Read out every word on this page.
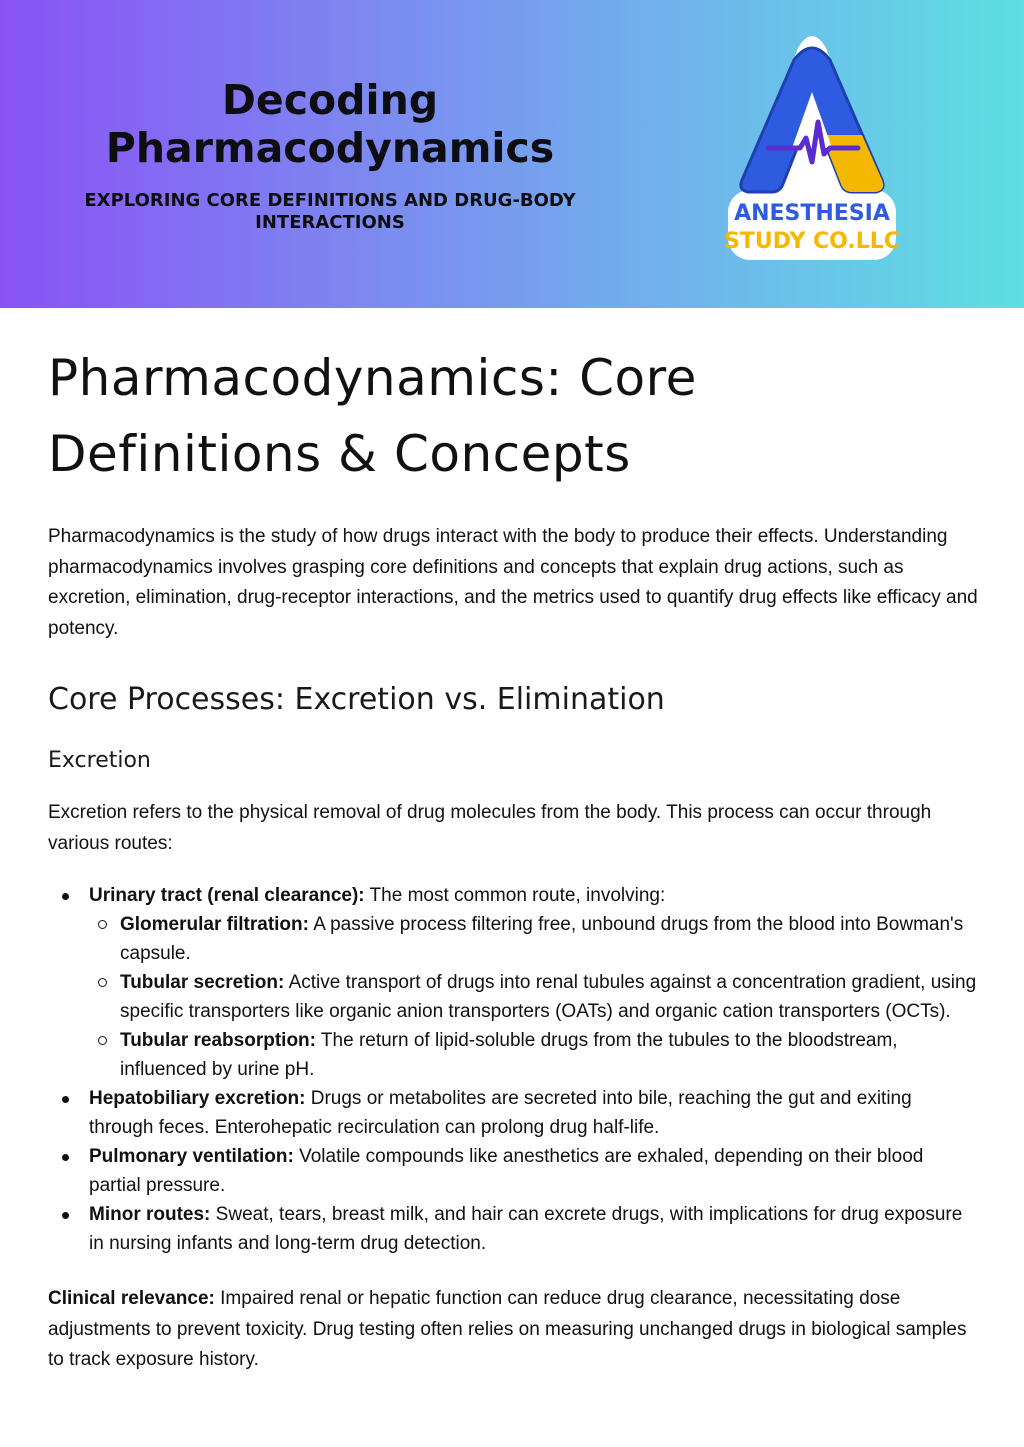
Decoding Pharmacodynamics

EXPLORING CORE DEFINITIONS AND DRUG-BODY INTERACTIONS	ANESTHESIA
STUDY CO.LLC
Pharmacodynamics: Core Definitions & Concepts

Pharmacodynamics is the study of how drugs interact with the body to produce their effects. Understanding pharmacodynamics involves grasping core definitions and concepts that explain drug actions, such as excretion, elimination, drug-receptor interactions, and the metrics used to quantify drug effects like efficacy and potency.

Core Processes: Excretion vs. Elimination
Excretion

Excretion refers to the physical removal of drug molecules from the body. This process can occur through various routes:

Urinary tract (renal clearance): The most common route, involving:
Glomerular filtration: A passive process filtering free, unbound drugs from the blood into Bowman's capsule.
Tubular secretion: Active transport of drugs into renal tubules against a concentration gradient, using specific transporters like organic anion transporters (OATs) and organic cation transporters (OCTs).
Tubular reabsorption: The return of lipid-soluble drugs from the tubules to the bloodstream, influenced by urine pH.
Hepatobiliary excretion: Drugs or metabolites are secreted into bile, reaching the gut and exiting through feces. Enterohepatic recirculation can prolong drug half-life.
Pulmonary ventilation: Volatile compounds like anesthetics are exhaled, depending on their blood partial pressure.
Minor routes: Sweat, tears, breast milk, and hair can excrete drugs, with implications for drug exposure in nursing infants and long-term drug detection.

Clinical relevance: Impaired renal or hepatic function can reduce drug clearance, necessitating dose adjustments to prevent toxicity. Drug testing often relies on measuring unchanged drugs in biological samples to track exposure history.
